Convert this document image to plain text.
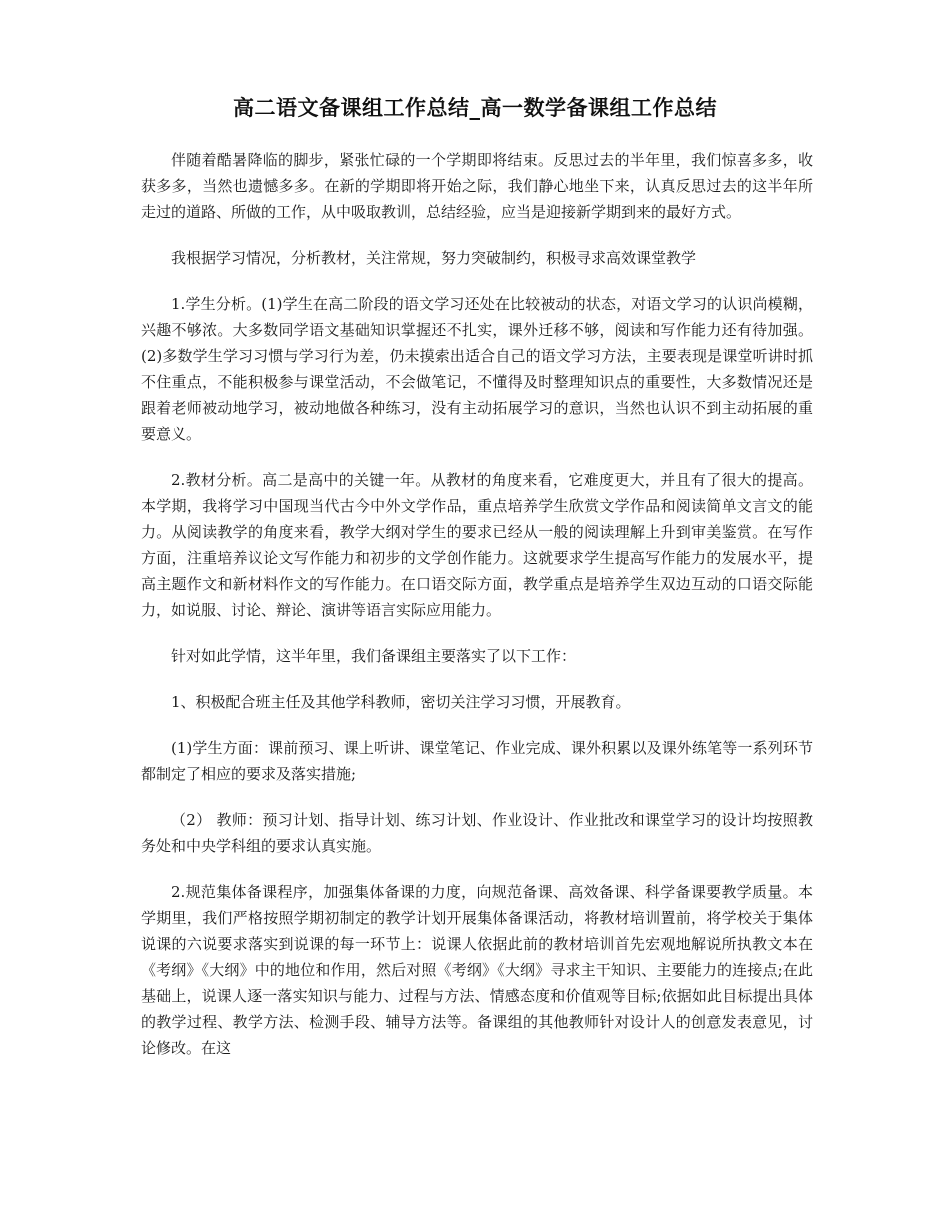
高二语文备课组工作总结_高一数学备课组工作总结

伴随着酷暑降临的脚步，紧张忙碌的一个学期即将结束。反思过去的半年里，我们惊喜多多，收获多多，当然也遗憾多多。在新的学期即将开始之际，我们静心地坐下来，认真反思过去的这半年所走过的道路、所做的工作，从中吸取教训，总结经验，应当是迎接新学期到来的最好方式。

我根据学习情况，分析教材，关注常规，努力突破制约，积极寻求高效课堂教学

1.学生分析。(1)学生在高二阶段的语文学习还处在比较被动的状态，对语文学习的认识尚模糊，兴趣不够浓。大多数同学语文基础知识掌握还不扎实，课外迁移不够，阅读和写作能力还有待加强。(2)多数学生学习习惯与学习行为差，仍未摸索出适合自己的语文学习方法，主要表现是课堂听讲时抓不住重点，不能积极参与课堂活动，不会做笔记，不懂得及时整理知识点的重要性，大多数情况还是跟着老师被动地学习，被动地做各种练习，没有主动拓展学习的意识，当然也认识不到主动拓展的重要意义。

2.教材分析。高二是高中的关键一年。从教材的角度来看，它难度更大，并且有了很大的提高。本学期，我将学习中国现当代古今中外文学作品，重点培养学生欣赏文学作品和阅读简单文言文的能力。从阅读教学的角度来看，教学大纲对学生的要求已经从一般的阅读理解上升到审美鉴赏。在写作方面，注重培养议论文写作能力和初步的文学创作能力。这就要求学生提高写作能力的发展水平，提高主题作文和新材料作文的写作能力。在口语交际方面，教学重点是培养学生双边互动的口语交际能力，如说服、讨论、辩论、演讲等语言实际应用能力。

针对如此学情，这半年里，我们备课组主要落实了以下工作：

1、积极配合班主任及其他学科教师，密切关注学习习惯，开展教育。

(1)学生方面：课前预习、课上听讲、课堂笔记、作业完成、课外积累以及课外练笔等一系列环节都制定了相应的要求及落实措施;

（2） 教师：预习计划、指导计划、练习计划、作业设计、作业批改和课堂学习的设计均按照教务处和中央学科组的要求认真实施。

2.规范集体备课程序，加强集体备课的力度，向规范备课、高效备课、科学备课要教学质量。本学期里，我们严格按照学期初制定的教学计划开展集体备课活动，将教材培训置前，将学校关于集体说课的六说要求落实到说课的每一环节上：说课人依据此前的教材培训首先宏观地解说所执教文本在《考纲》《大纲》中的地位和作用，然后对照《考纲》《大纲》寻求主干知识、主要能力的连接点;在此基础上，说课人逐一落实知识与能力、过程与方法、情感态度和价值观等目标;依据如此目标提出具体的教学过程、教学方法、检测手段、辅导方法等。备课组的其他教师针对设计人的创意发表意见，讨论修改。在这
